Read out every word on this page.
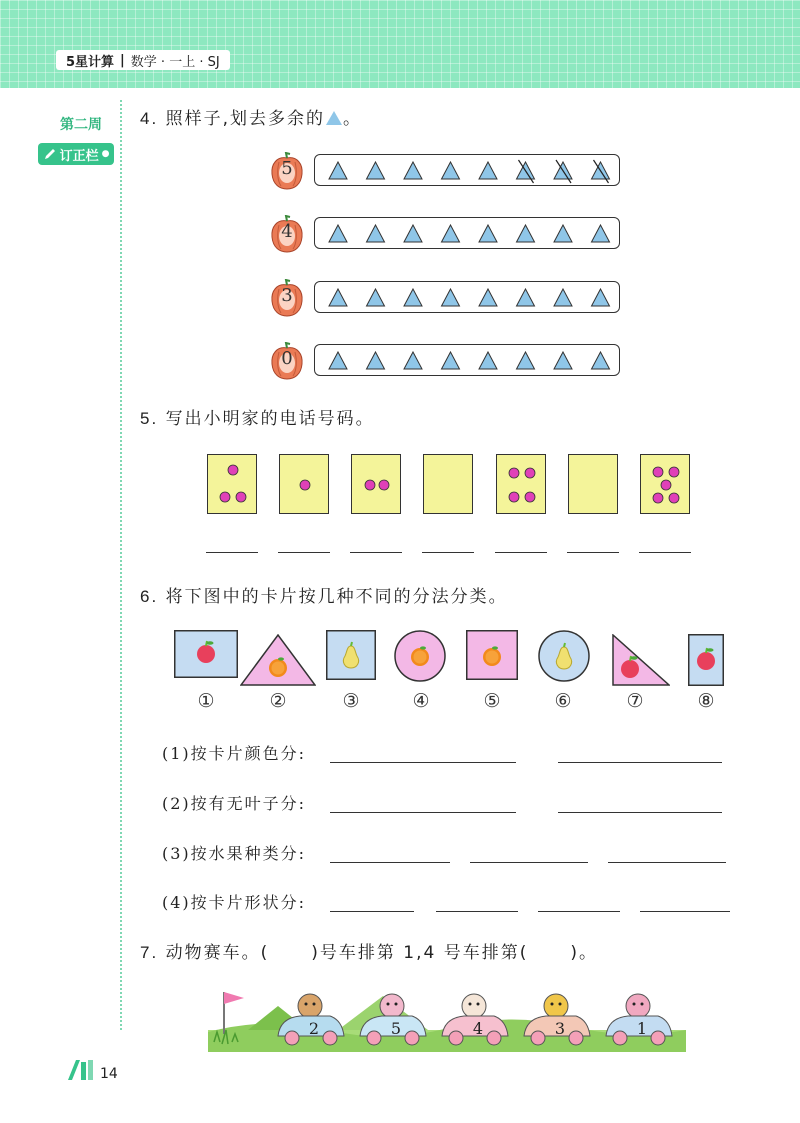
5星计算 | 数学 · 一上 · SJ
第二周
订正栏 ●
14
4. 照样子,划去多余的 。
5
4
3
0
5. 写出小明家的电话号码。
6. 将下图中的卡片按几种不同的分法分类。
①	②	③	④	⑤	⑥	⑦	⑧
(1)按卡片颜色分:
(2)按有无叶子分:
(3)按水果种类分:
(4)按卡片形状分:
7. 动物赛车。( )号车排第 1,4 号车排第( )。
2	5	4	3	1
